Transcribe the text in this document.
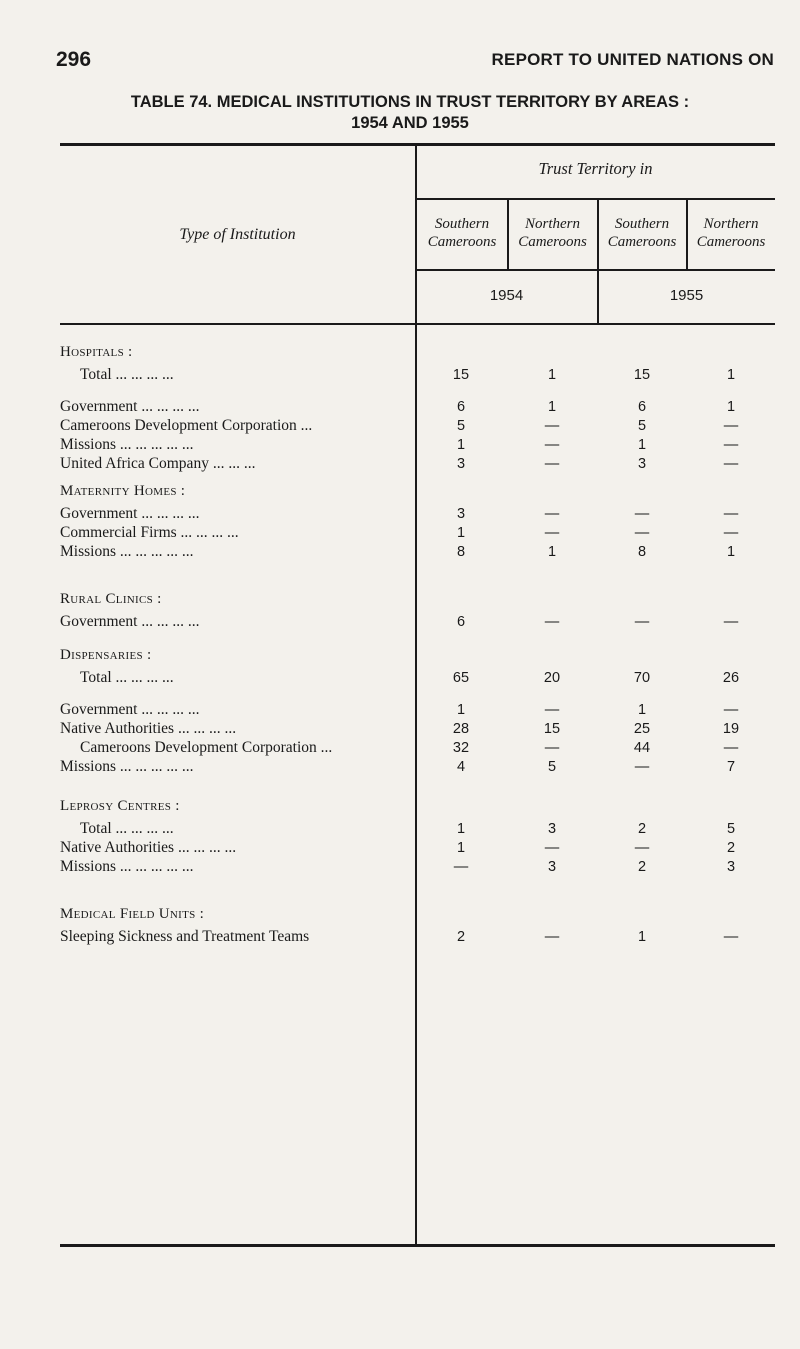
296	REPORT TO UNITED NATIONS ON
TABLE 74. MEDICAL INSTITUTIONS IN TRUST TERRITORY BY AREAS :
1954 AND 1955
Type of Institution
Trust Territory in
Southern
Cameroons
Northern
Cameroons
Southern
Cameroons
Northern
Cameroons
1954	1955
Hospitals :
Total ... ... ... ...	15	1	15	1
Government ... ... ... ...	6	1	6	1
Cameroons Development Corporation ...	5	—	5	—
Missions ... ... ... ... ...	1	—	1	—
United Africa Company ... ... ...	3	—	3	—
Maternity Homes :
Government ... ... ... ...	3	—	—	—
Commercial Firms ... ... ... ...	1	—	—	—
Missions ... ... ... ... ...	8	1	8	1
Rural Clinics :
Government ... ... ... ...	6	—	—	—
Dispensaries :
Total ... ... ... ...	65	20	70	26
Government ... ... ... ...	1	—	1	—
Native Authorities ... ... ... ...	28	15	25	19
Cameroons Development Corporation ...	32	—	44	—
Missions ... ... ... ... ...	4	5	—	7
Leprosy Centres :
Total ... ... ... ...	1	3	2	5
Native Authorities ... ... ... ...	1	—	—	2
Missions ... ... ... ... ...	—	3	2	3
Medical Field Units :
Sleeping Sickness and Treatment Teams	2	—	1	—
